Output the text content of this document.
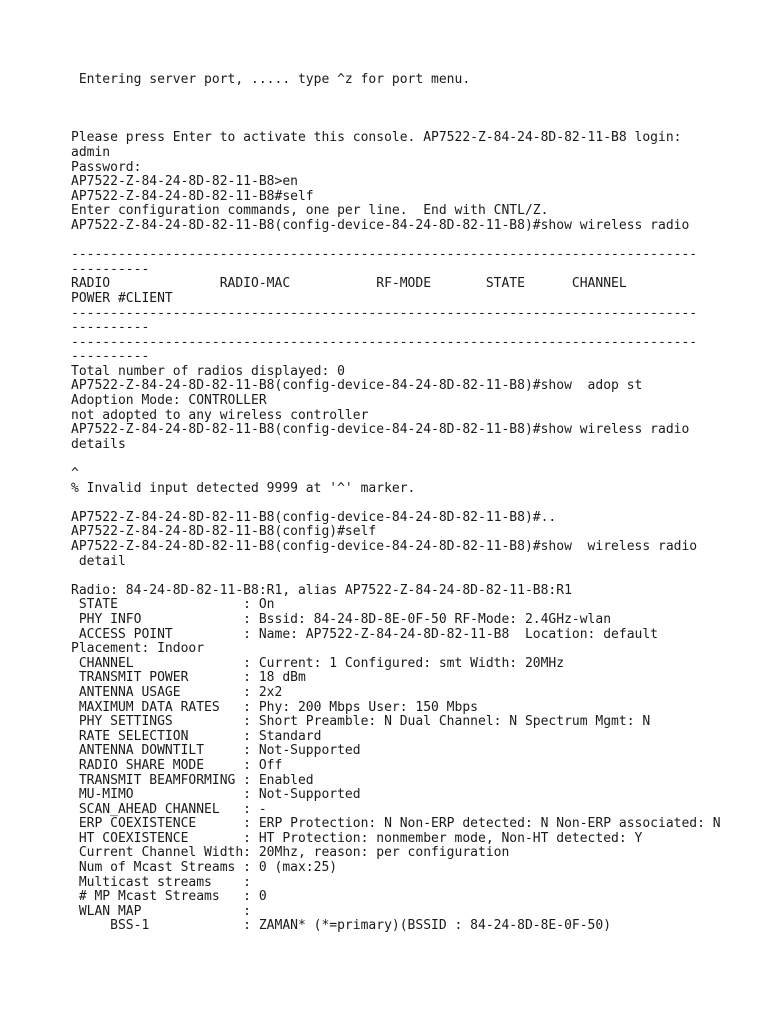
Entering server port, ..... type ^z for port menu.
Please press Enter to activate this console. AP7522-Z-84-24-8D-82-11-B8 login:
admin
Password:
AP7522-Z-84-24-8D-82-11-B8>en
AP7522-Z-84-24-8D-82-11-B8#self
Enter configuration commands, one per line.  End with CNTL/Z.
AP7522-Z-84-24-8D-82-11-B8(config-device-84-24-8D-82-11-B8)#show wireless radio
--------------------------------------------------------------------------------
----------
RADIO              RADIO-MAC           RF-MODE       STATE      CHANNEL
POWER #CLIENT
--------------------------------------------------------------------------------
----------
--------------------------------------------------------------------------------
----------
Total number of radios displayed: 0
AP7522-Z-84-24-8D-82-11-B8(config-device-84-24-8D-82-11-B8)#show  adop st
Adoption Mode: CONTROLLER
not adopted to any wireless controller
AP7522-Z-84-24-8D-82-11-B8(config-device-84-24-8D-82-11-B8)#show wireless radio
details
^
% Invalid input detected 9999 at '^' marker.
AP7522-Z-84-24-8D-82-11-B8(config-device-84-24-8D-82-11-B8)#..
AP7522-Z-84-24-8D-82-11-B8(config)#self
AP7522-Z-84-24-8D-82-11-B8(config-device-84-24-8D-82-11-B8)#show  wireless radio
detail
Radio: 84-24-8D-82-11-B8:R1, alias AP7522-Z-84-24-8D-82-11-B8:R1
STATE                : On
PHY INFO             : Bssid: 84-24-8D-8E-0F-50 RF-Mode: 2.4GHz-wlan
ACCESS POINT         : Name: AP7522-Z-84-24-8D-82-11-B8  Location: default
Placement: Indoor
CHANNEL              : Current: 1 Configured: smt Width: 20MHz
TRANSMIT POWER       : 18 dBm
ANTENNA USAGE        : 2x2
MAXIMUM DATA RATES   : Phy: 200 Mbps User: 150 Mbps
PHY SETTINGS         : Short Preamble: N Dual Channel: N Spectrum Mgmt: N
RATE SELECTION       : Standard
ANTENNA DOWNTILT     : Not-Supported
RADIO SHARE MODE     : Off
TRANSMIT BEAMFORMING : Enabled
MU-MIMO              : Not-Supported
SCAN_AHEAD CHANNEL   : -
ERP COEXISTENCE      : ERP Protection: N Non-ERP detected: N Non-ERP associated: N
HT COEXISTENCE       : HT Protection: nonmember mode, Non-HT detected: Y
Current Channel Width: 20Mhz, reason: per configuration
Num of Mcast Streams : 0 (max:25)
Multicast streams    :
# MP Mcast Streams   : 0
WLAN MAP             :
BSS-1            : ZAMAN* (*=primary)(BSSID : 84-24-8D-8E-0F-50)
